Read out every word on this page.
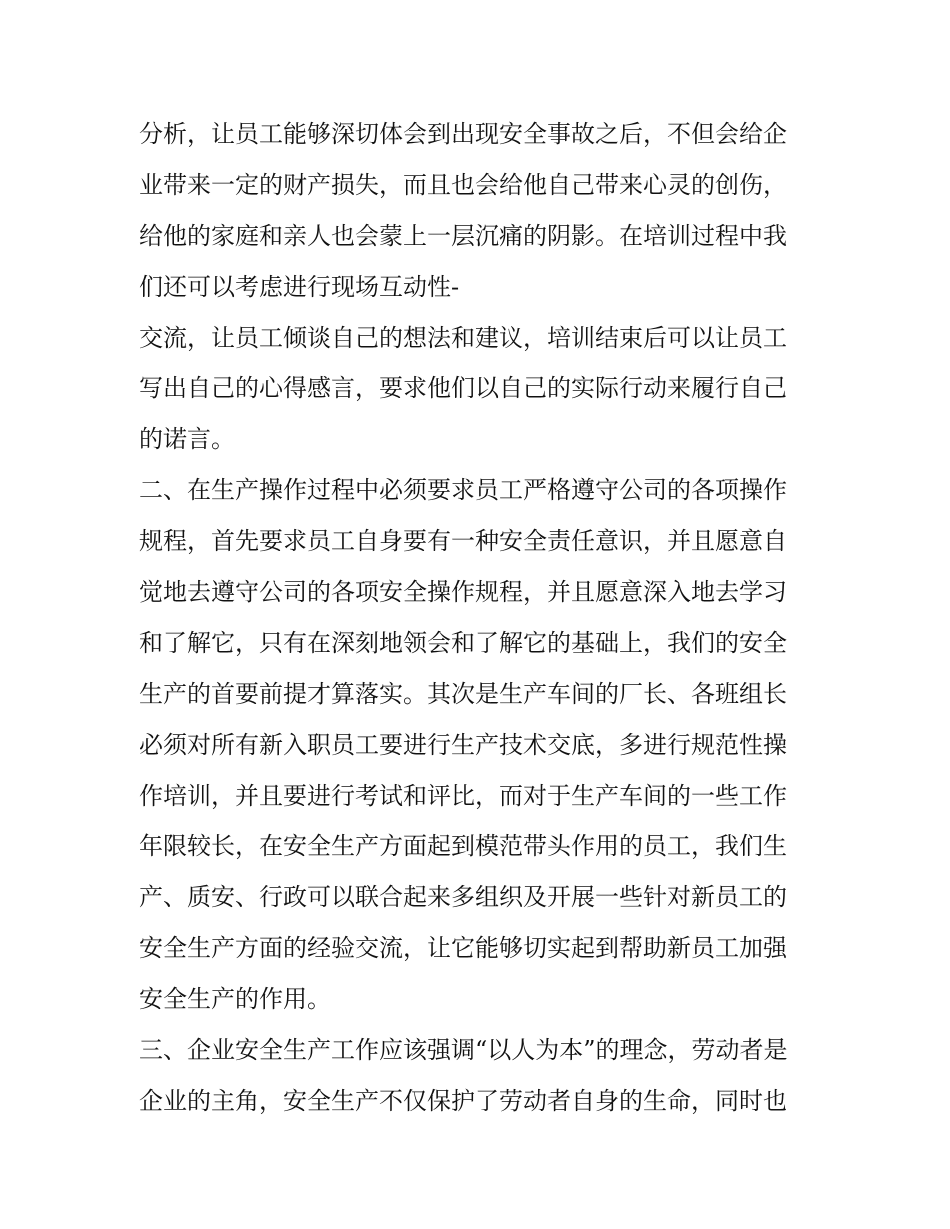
分析，让员工能够深切体会到出现安全事故之后，不但会给企
业带来一定的财产损失，而且也会给他自己带来心灵的创伤，
给他的家庭和亲人也会蒙上一层沉痛的阴影。在培训过程中我
们还可以考虑进行现场互动性-
交流，让员工倾谈自己的想法和建议，培训结束后可以让员工
写出自己的心得感言，要求他们以自己的实际行动来履行自己
的诺言。
二、在生产操作过程中必须要求员工严格遵守公司的各项操作
规程，首先要求员工自身要有一种安全责任意识，并且愿意自
觉地去遵守公司的各项安全操作规程，并且愿意深入地去学习
和了解它，只有在深刻地领会和了解它的基础上，我们的安全
生产的首要前提才算落实。其次是生产车间的厂长、各班组长
必须对所有新入职员工要进行生产技术交底，多进行规范性操
作培训，并且要进行考试和评比，而对于生产车间的一些工作
年限较长，在安全生产方面起到模范带头作用的员工，我们生
产、质安、行政可以联合起来多组织及开展一些针对新员工的
安全生产方面的经验交流，让它能够切实起到帮助新员工加强
安全生产的作用。
三、企业安全生产工作应该强调“以人为本”的理念，劳动者是
企业的主角，安全生产不仅保护了劳动者自身的生命，同时也
